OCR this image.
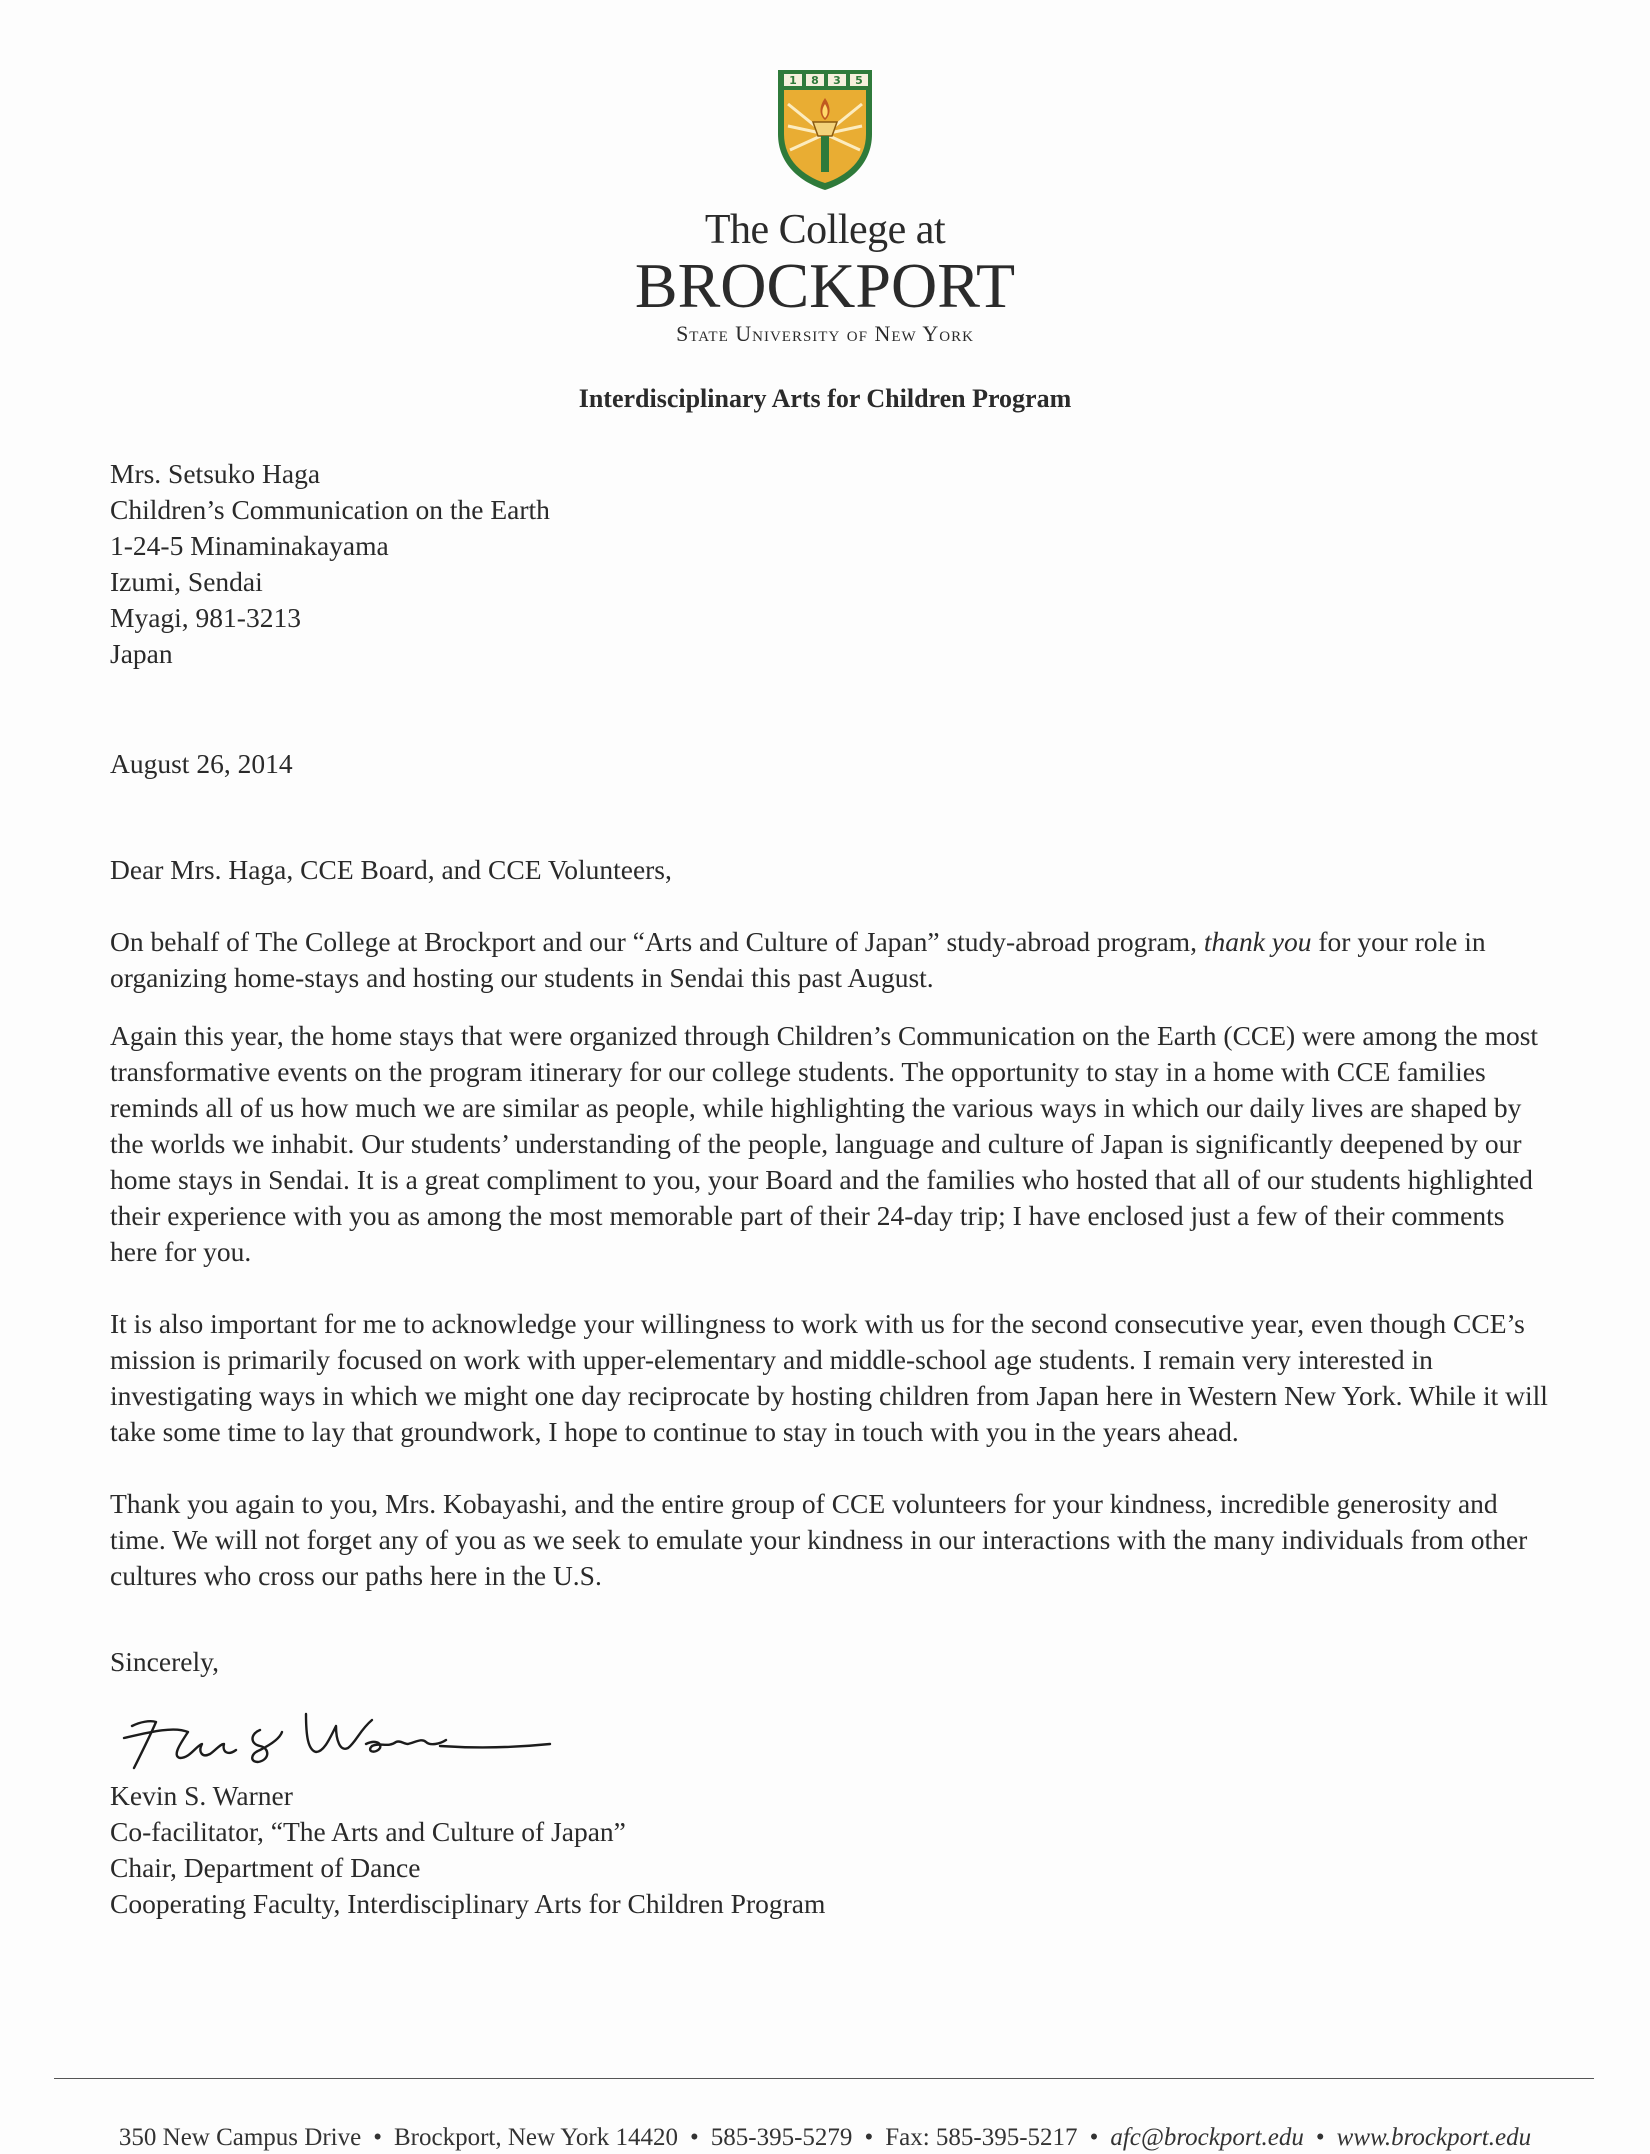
1 8 3 5
The College at
BROCKPORT
State University of New York
Interdisciplinary Arts for Children Program
Mrs. Setsuko Haga
Children’s Communication on the Earth
1-24-5 Minaminakayama
Izumi, Sendai
Myagi, 981-3213
Japan
August 26, 2014
Dear Mrs. Haga, CCE Board, and CCE Volunteers,
On behalf of The College at Brockport and our “Arts and Culture of Japan” study-abroad program, thank you for your role in organizing home-stays and hosting our students in Sendai this past August.
Again this year, the home stays that were organized through Children’s Communication on the Earth (CCE) were among the most transformative events on the program itinerary for our college students. The opportunity to stay in a home with CCE families reminds all of us how much we are similar as people, while highlighting the various ways in which our daily lives are shaped by the worlds we inhabit. Our students’ understanding of the people, language and culture of Japan is significantly deepened by our home stays in Sendai. It is a great compliment to you, your Board and the families who hosted that all of our students highlighted their experience with you as among the most memorable part of their 24-day trip; I have enclosed just a few of their comments here for you.
It is also important for me to acknowledge your willingness to work with us for the second consecutive year, even though CCE’s mission is primarily focused on work with upper-elementary and middle-school age students. I remain very interested in investigating ways in which we might one day reciprocate by hosting children from Japan here in Western New York. While it will take some time to lay that groundwork, I hope to continue to stay in touch with you in the years ahead.
Thank you again to you, Mrs. Kobayashi, and the entire group of CCE volunteers for your kindness, incredible generosity and time. We will not forget any of you as we seek to emulate your kindness in our interactions with the many individuals from other cultures who cross our paths here in the U.S.
Sincerely,
Kevin S. Warner
Co-facilitator, “The Arts and Culture of Japan”
Chair, Department of Dance
Cooperating Faculty, Interdisciplinary Arts for Children Program
350 New Campus Drive • Brockport, New York 14420 • 585-395-5279 • Fax: 585-395-5217 • afc@brockport.edu • www.brockport.edu
